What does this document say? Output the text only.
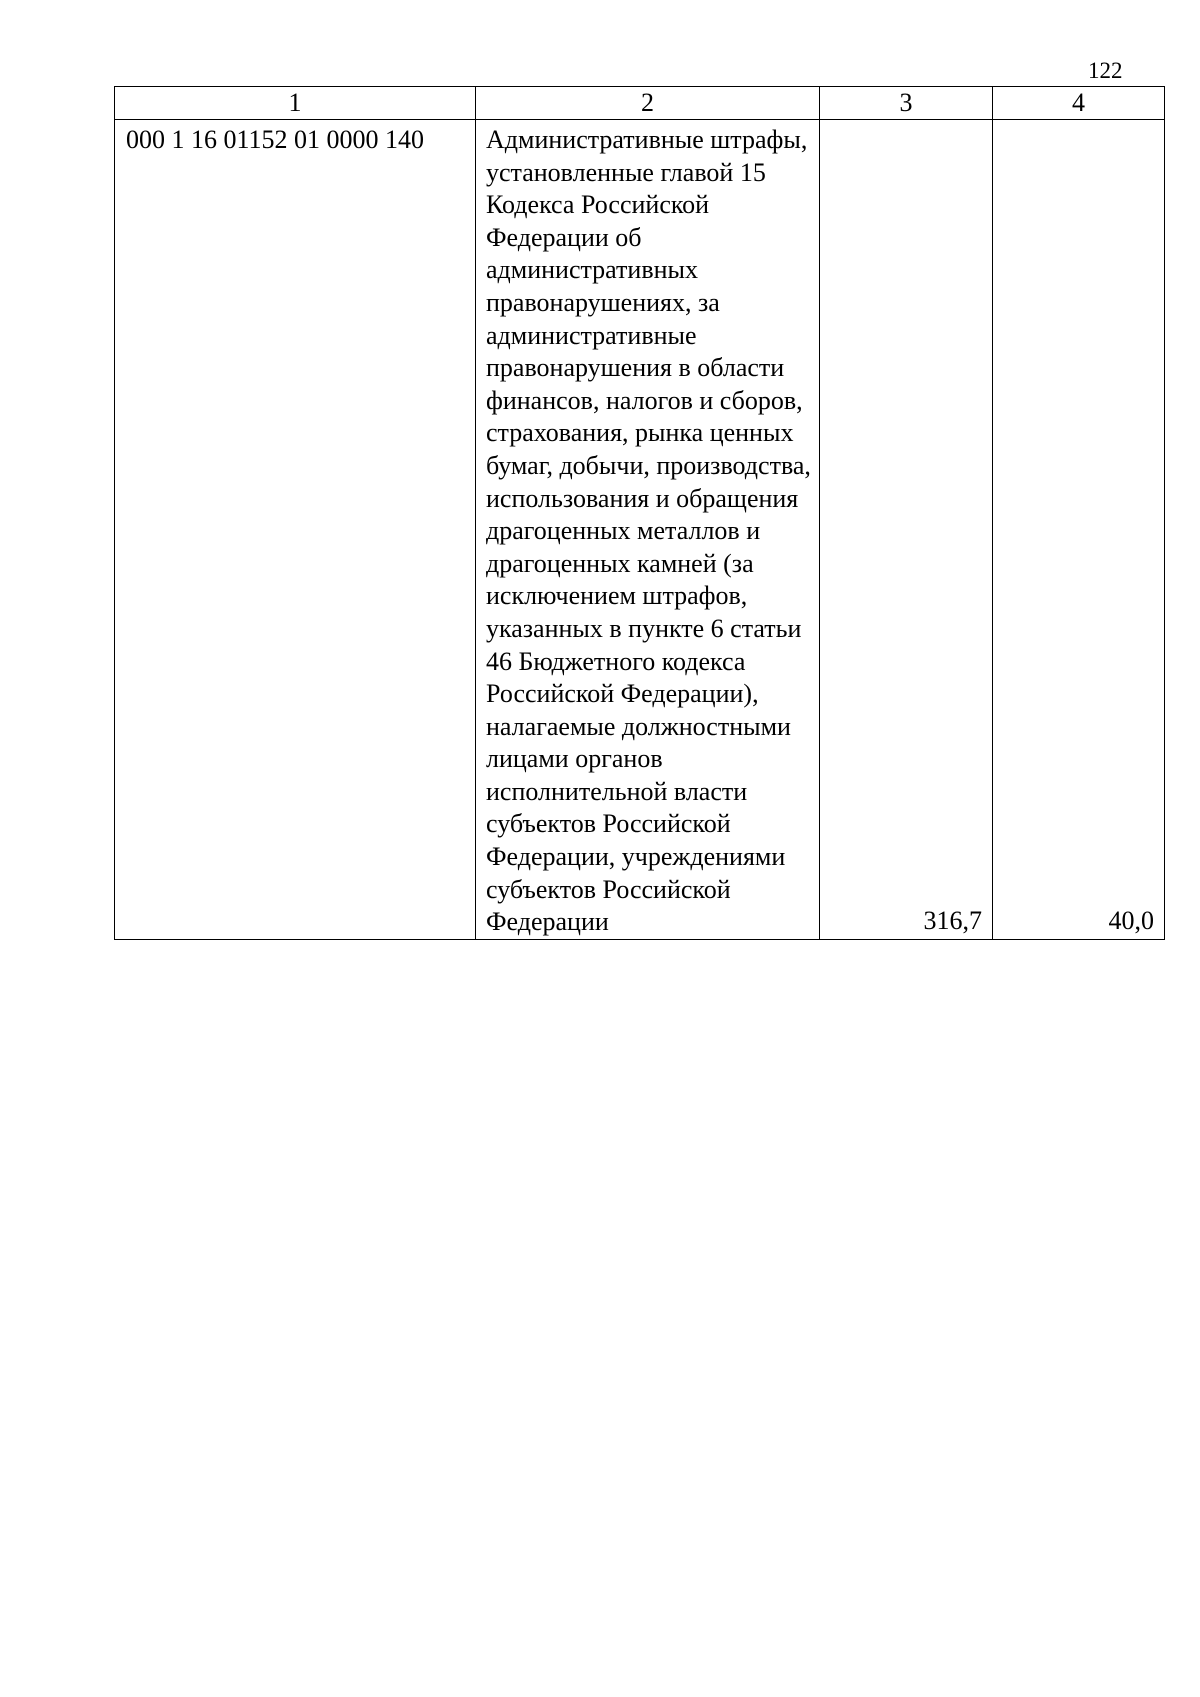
122
1	2	3	4
000 1 16 01152 01 0000 140	Административные штрафы, установленные главой 15 Кодекса Российской Федерации об административных правонарушениях, за административные правонарушения в области финансов, налогов и сборов, страхования, рынка ценных бумаг, добычи, производства, использования и обращения драгоценных металлов и драгоценных камней (за исключением штрафов, указанных в пункте 6 статьи 46 Бюджетного кодекса Российской Федерации), налагаемые должностными лицами органов исполнительной власти субъектов Российской Федерации, учреждениями субъектов Российской Федерации	316,7	40,0
